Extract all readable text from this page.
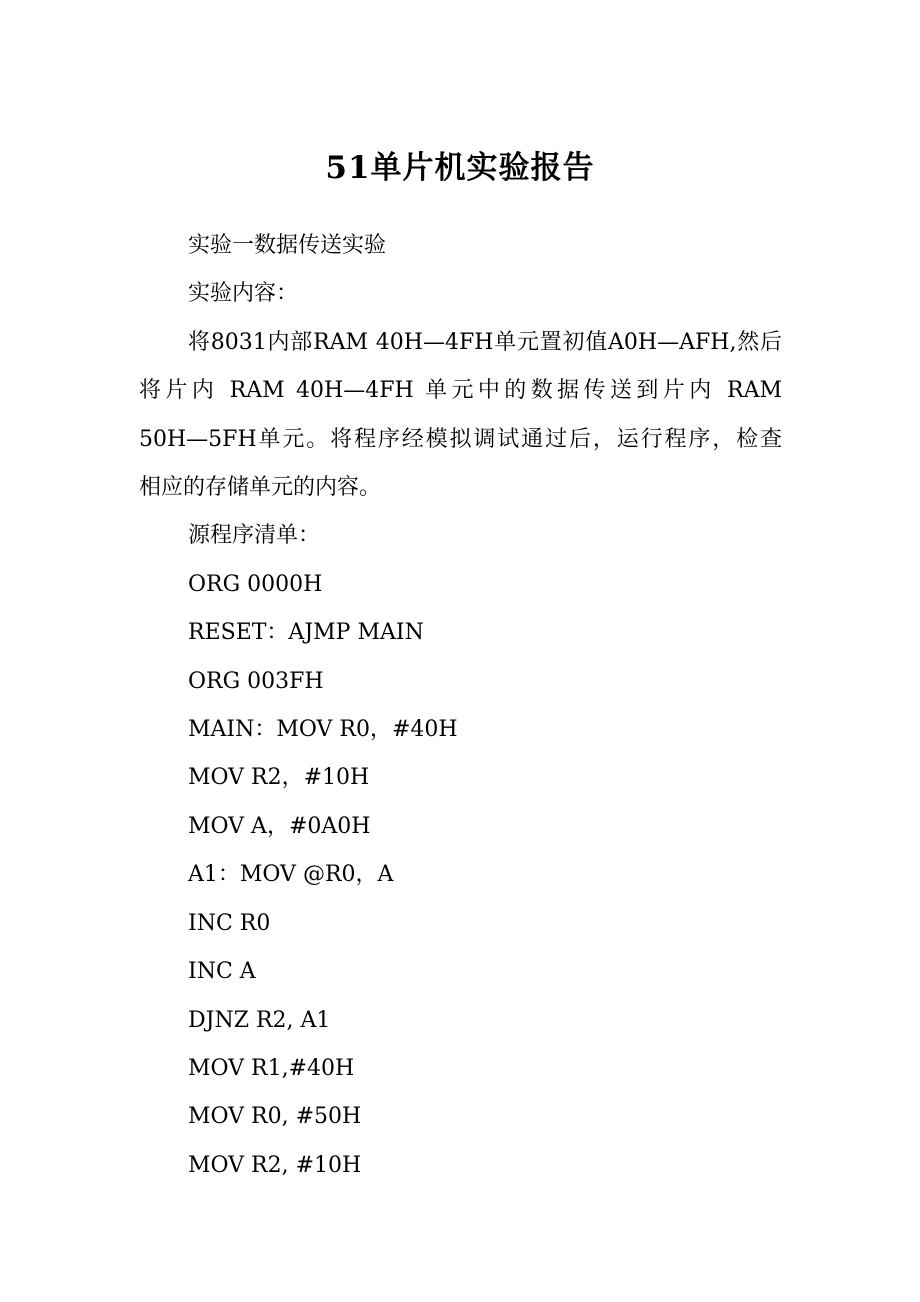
51单片机实验报告

实验一数据传送实验

实验内容：

将8031内部RAM 40H—4FH单元置初值A0H—AFH,然后

将片内 RAM 40H—4FH 单元中的数据传送到片内 RAM

50H—5FH单元。将程序经模拟调试通过后，运行程序，检查

相应的存储单元的内容。

源程序清单：

ORG 0000H

RESET：AJMP MAIN

ORG 003FH

MAIN：MOV R0，#40H

MOV R2，#10H

MOV A，#0A0H

A1：MOV @R0，A

INC R0

INC A

DJNZ R2, A1

MOV R1,#40H

MOV R0, #50H

MOV R2, #10H
